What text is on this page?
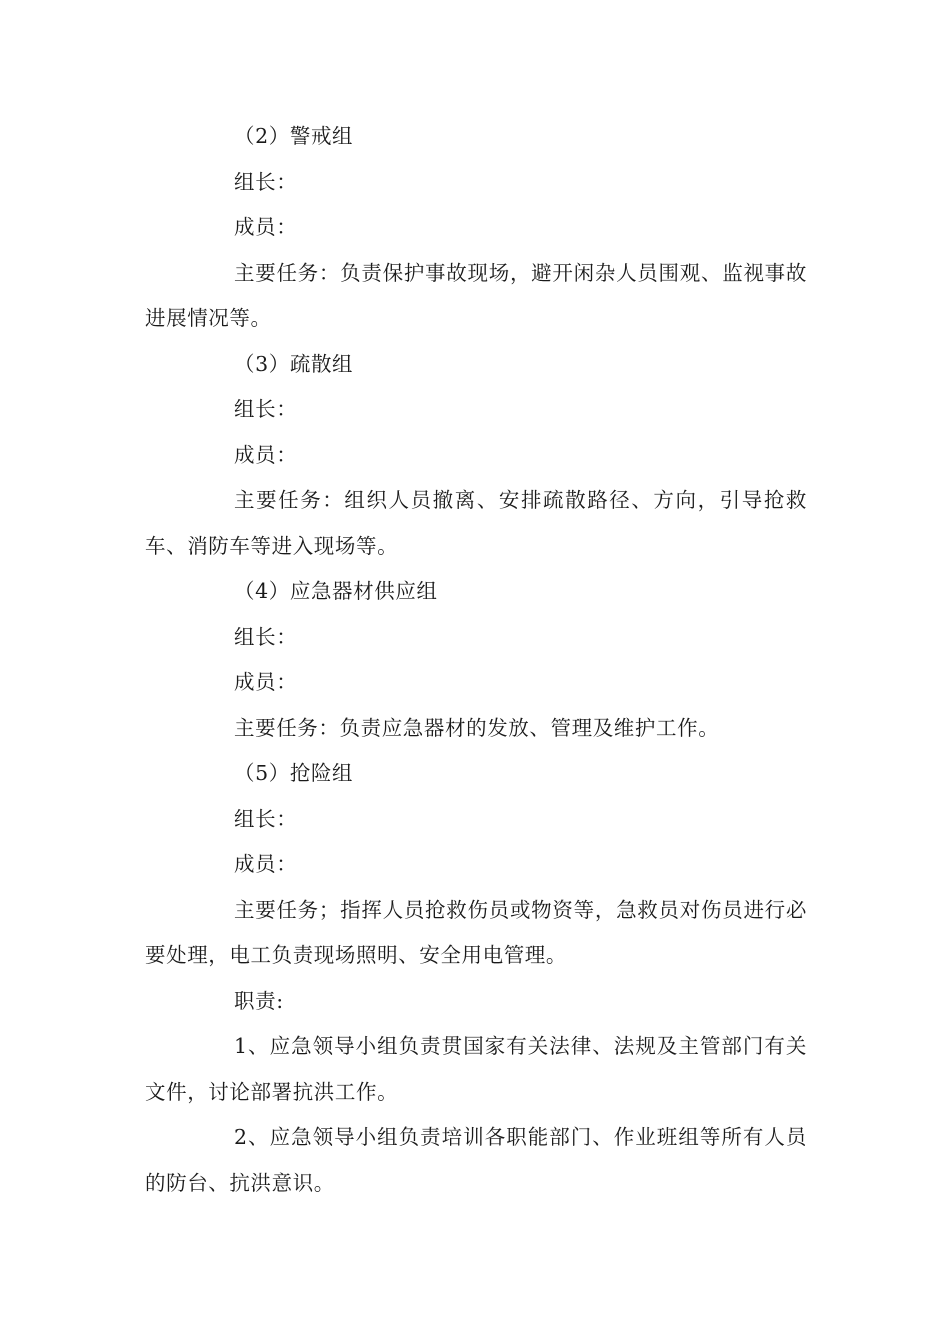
（2）警戒组

组长：

成员：

主要任务：负责保护事故现场，避开闲杂人员围观、监视事故进展情况等。

（3）疏散组

组长：

成员：

主要任务：组织人员撤离、安排疏散路径、方向，引导抢救车、消防车等进入现场等。

（4）应急器材供应组

组长：

成员：

主要任务：负责应急器材的发放、管理及维护工作。

（5）抢险组

组长：

成员：

主要任务；指挥人员抢救伤员或物资等，急救员对伤员进行必要处理，电工负责现场照明、安全用电管理。

职责:

1、应急领导小组负责贯国家有关法律、法规及主管部门有关文件，讨论部署抗洪工作。

2、应急领导小组负责培训各职能部门、作业班组等所有人员的防台、抗洪意识。
